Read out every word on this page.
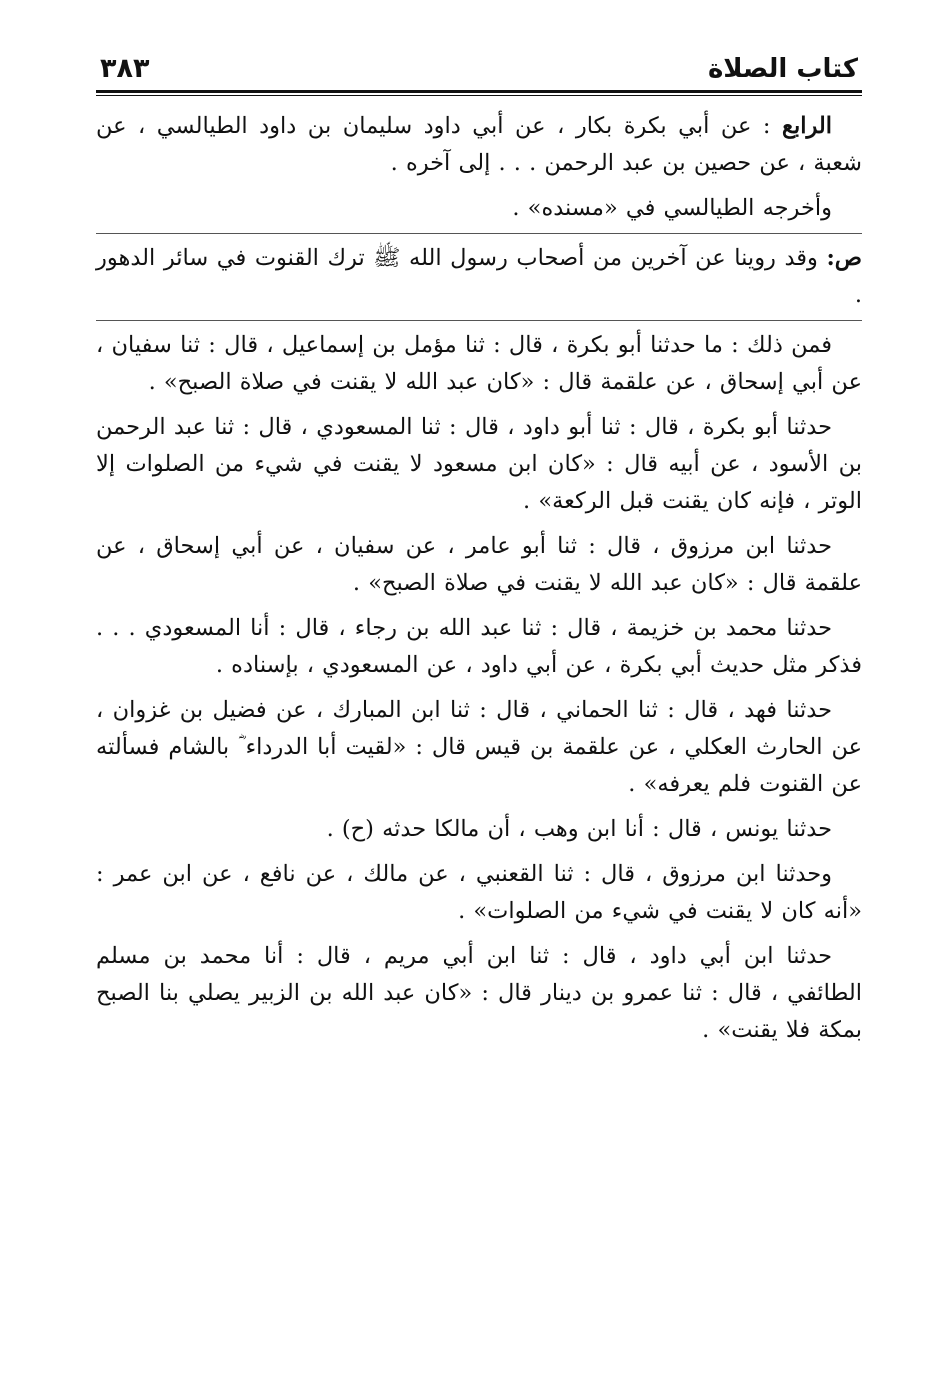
كتاب الصلاة
٣٨٣

الرابع : عن أبي بكرة بكار ، عن أبي داود سليمان بن داود الطيالسي ، عن شعبة ، عن حصين بن عبد الرحمن . . . إلى آخره .

وأخرجه الطيالسي في «مسنده» .

ص: وقد روينا عن آخرين من أصحاب رسول الله ﷺ ترك القنوت في سائر الدهور .

فمن ذلك : ما حدثنا أبو بكرة ، قال : ثنا مؤمل بن إسماعيل ، قال : ثنا سفيان ، عن أبي إسحاق ، عن علقمة قال : «كان عبد الله لا يقنت في صلاة الصبح» .

حدثنا أبو بكرة ، قال : ثنا أبو داود ، قال : ثنا المسعودي ، قال : ثنا عبد الرحمن بن الأسود ، عن أبيه قال : «كان ابن مسعود لا يقنت في شيء من الصلوات إلا الوتر ، فإنه كان يقنت قبل الركعة» .

حدثنا ابن مرزوق ، قال : ثنا أبو عامر ، عن سفيان ، عن أبي إسحاق ، عن علقمة قال : «كان عبد الله لا يقنت في صلاة الصبح» .

حدثنا محمد بن خزيمة ، قال : ثنا عبد الله بن رجاء ، قال : أنا المسعودي . . . فذكر مثل حديث أبي بكرة ، عن أبي داود ، عن المسعودي ، بإسناده .

حدثنا فهد ، قال : ثنا الحماني ، قال : ثنا ابن المبارك ، عن فضيل بن غزوان ، عن الحارث العكلي ، عن علقمة بن قيس قال : «لقيت أبا الدرداء ؓ بالشام فسألته عن القنوت فلم يعرفه» .

حدثنا يونس ، قال : أنا ابن وهب ، أن مالكا حدثه (ح) .

وحدثنا ابن مرزوق ، قال : ثنا القعنبي ، عن مالك ، عن نافع ، عن ابن عمر : «أنه كان لا يقنت في شيء من الصلوات» .

حدثنا ابن أبي داود ، قال : ثنا ابن أبي مريم ، قال : أنا محمد بن مسلم الطائفي ، قال : ثنا عمرو بن دينار قال : «كان عبد الله بن الزبير يصلي بنا الصبح بمكة فلا يقنت» .
